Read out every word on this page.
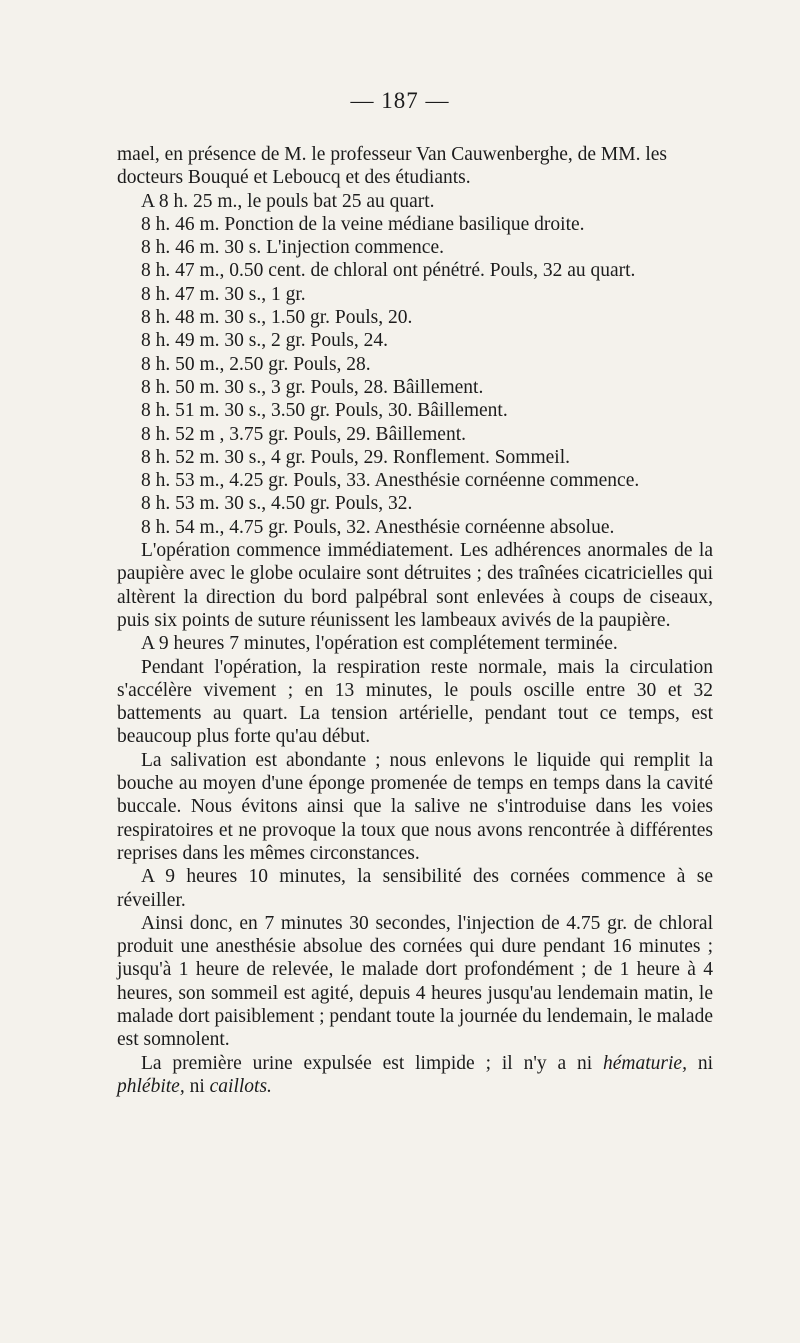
— 187 —

mael, en présence de M. le professeur Van Cauwenberghe, de MM. les docteurs Bouqué et Leboucq et des étudiants.

A 8 h. 25 m., le pouls bat 25 au quart.

8 h. 46 m. Ponction de la veine médiane basilique droite.

8 h. 46 m. 30 s. L'injection commence.

8 h. 47 m., 0.50 cent. de chloral ont pénétré. Pouls, 32 au quart.

8 h. 47 m. 30 s., 1 gr.

8 h. 48 m. 30 s., 1.50 gr. Pouls, 20.

8 h. 49 m. 30 s., 2 gr. Pouls, 24.

8 h. 50 m., 2.50 gr. Pouls, 28.

8 h. 50 m. 30 s., 3 gr. Pouls, 28. Bâillement.

8 h. 51 m. 30 s., 3.50 gr. Pouls, 30. Bâillement.

8 h. 52 m , 3.75 gr. Pouls, 29. Bâillement.

8 h. 52 m. 30 s., 4 gr. Pouls, 29. Ronflement. Sommeil.

8 h. 53 m., 4.25 gr. Pouls, 33. Anesthésie cornéenne commence.

8 h. 53 m. 30 s., 4.50 gr. Pouls, 32.

8 h. 54 m., 4.75 gr. Pouls, 32. Anesthésie cornéenne absolue.

L'opération commence immédiatement. Les adhérences anormales de la paupière avec le globe oculaire sont détruites ; des traînées cicatricielles qui altèrent la direction du bord palpébral sont enlevées à coups de ciseaux, puis six points de suture réunissent les lambeaux avivés de la paupière.

A 9 heures 7 minutes, l'opération est complétement terminée.

Pendant l'opération, la respiration reste normale, mais la circulation s'accélère vivement ; en 13 minutes, le pouls oscille entre 30 et 32 battements au quart. La tension artérielle, pendant tout ce temps, est beaucoup plus forte qu'au début.

La salivation est abondante ; nous enlevons le liquide qui remplit la bouche au moyen d'une éponge promenée de temps en temps dans la cavité buccale. Nous évitons ainsi que la salive ne s'introduise dans les voies respiratoires et ne provoque la toux que nous avons rencontrée à différentes reprises dans les mêmes circonstances.

A 9 heures 10 minutes, la sensibilité des cornées commence à se réveiller.

Ainsi donc, en 7 minutes 30 secondes, l'injection de 4.75 gr. de chloral produit une anesthésie absolue des cornées qui dure pendant 16 minutes ; jusqu'à 1 heure de relevée, le malade dort profondément ; de 1 heure à 4 heures, son sommeil est agité, depuis 4 heures jusqu'au lendemain matin, le malade dort paisiblement ; pendant toute la journée du lendemain, le malade est somnolent.

La première urine expulsée est limpide ; il n'y a ni hématurie, ni phlébite, ni caillots.
